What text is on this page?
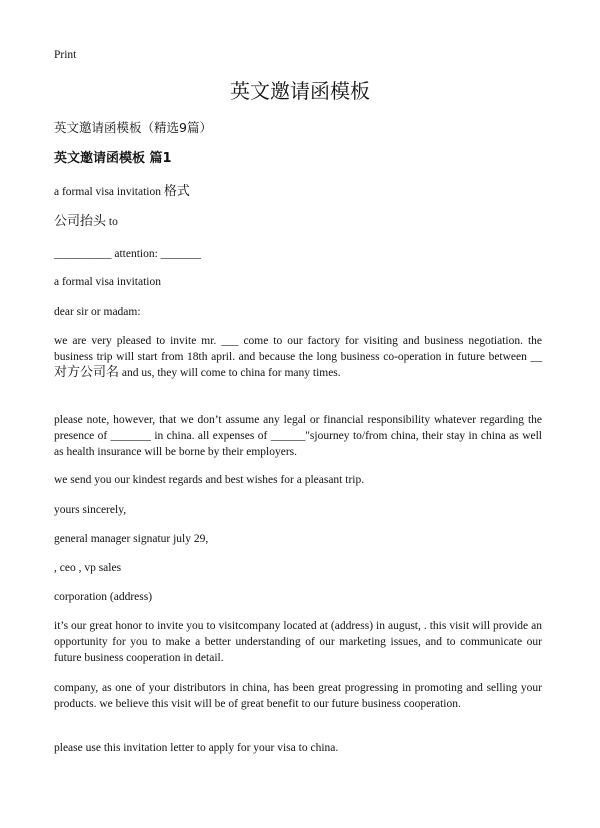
Print

英文邀请函模板

英文邀请函模板（精选9篇）

英文邀请函模板 篇1

a formal visa invitation 格式

公司抬头 to

__________ attention: _______

a formal visa invitation

dear sir or madam:

we are very pleased to invite mr. ___ come to our factory for visiting and business negotiation. the business trip will start from 18th april. and because the long business co-operation in future between __对方公司名 and us, they will come to china for many times.

please note, however, that we don’t assume any legal or financial responsibility whatever regarding the presence of _______ in china. all expenses of ______"sjourney to/from china, their stay in china as well as health insurance will be borne by their employers.

we send you our kindest regards and best wishes for a pleasant trip.

yours sincerely,

general manager signatur july 29,

, ceo , vp sales

corporation (address)

it’s our great honor to invite you to visitcompany located at (address) in august, . this visit will provide an opportunity for you to make a better understanding of our marketing issues, and to communicate our future business cooperation in detail.

company, as one of your distributors in china, has been great progressing in promoting and selling your products. we believe this visit will be of great benefit to our future business cooperation.

please use this invitation letter to apply for your visa to china.
